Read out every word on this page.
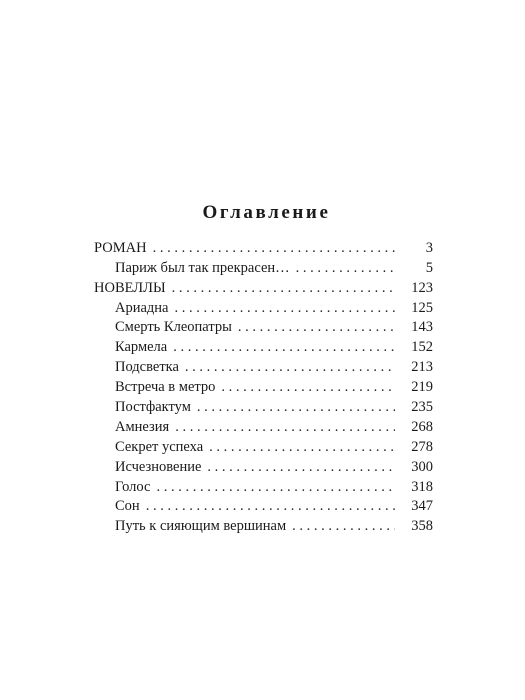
Оглавление
РОМАН . . .	3
Париж был так прекрасен… . . .	5
НОВЕЛЛЫ . . .	123
Ариадна . . .	125
Смерть Клеопатры . . .	143
Кармела . . .	152
Подсветка . . .	213
Встреча в метро . . .	219
Постфактум . . .	235
Амнезия . . .	268
Секрет успеха . . .	278
Исчезновение . . .	300
Голос . . .	318
Сон . . .	347
Путь к сияющим вершинам . . .	358
